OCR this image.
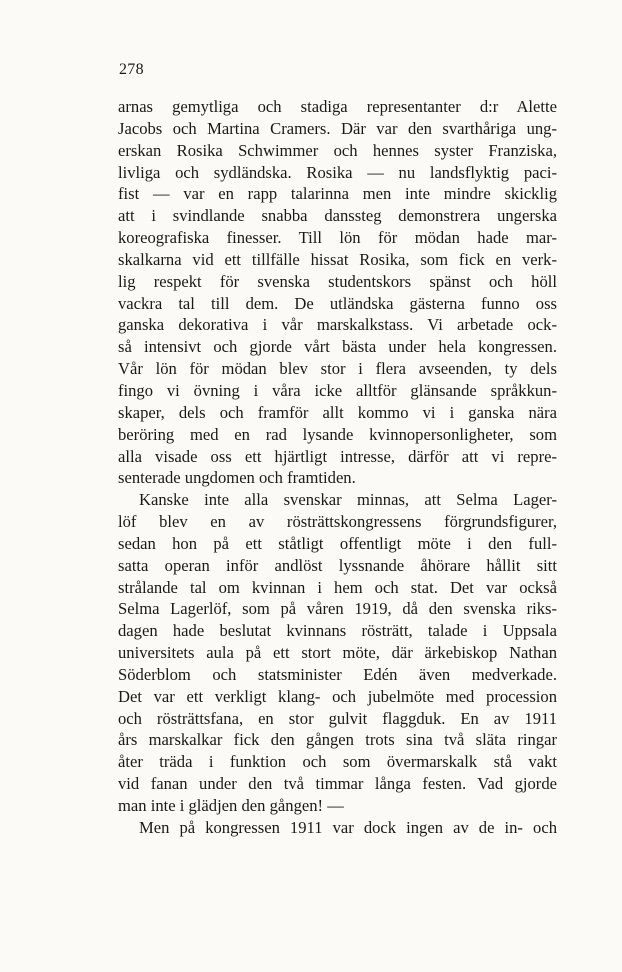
278
arnas gemytliga och stadiga representanter d:r Alette
Jacobs och Martina Cramers. Där var den svarthåriga ung-
erskan Rosika Schwimmer och hennes syster Franziska,
livliga och sydländska. Rosika — nu landsflyktig paci-
fist — var en rapp talarinna men inte mindre skicklig
att i svindlande snabba danssteg demonstrera ungerska
koreografiska finesser. Till lön för mödan hade mar-
skalkarna vid ett tillfälle hissat Rosika, som fick en verk-
lig respekt för svenska studentskors spänst och höll
vackra tal till dem. De utländska gästerna funno oss
ganska dekorativa i vår marskalkstass. Vi arbetade ock-
så intensivt och gjorde vårt bästa under hela kongressen.
Vår lön för mödan blev stor i flera avseenden, ty dels
fingo vi övning i våra icke alltför glänsande språkkun-
skaper, dels och framför allt kommo vi i ganska nära
beröring med en rad lysande kvinnopersonligheter, som
alla visade oss ett hjärtligt intresse, därför att vi repre-
senterade ungdomen och framtiden.
Kanske inte alla svenskar minnas, att Selma Lager-
löf blev en av rösträttskongressens förgrundsfigurer,
sedan hon på ett ståtligt offentligt möte i den full-
satta operan inför andlöst lyssnande åhörare hållit sitt
strålande tal om kvinnan i hem och stat. Det var också
Selma Lagerlöf, som på våren 1919, då den svenska riks-
dagen hade beslutat kvinnans rösträtt, talade i Uppsala
universitets aula på ett stort möte, där ärkebiskop Nathan
Söderblom och statsminister Edén även medverkade.
Det var ett verkligt klang- och jubelmöte med procession
och rösträttsfana, en stor gulvit flaggduk. En av 1911
års marskalkar fick den gången trots sina två släta ringar
åter träda i funktion och som övermarskalk stå vakt
vid fanan under den två timmar långa festen. Vad gjorde
man inte i glädjen den gången! —
Men på kongressen 1911 var dock ingen av de in- och
